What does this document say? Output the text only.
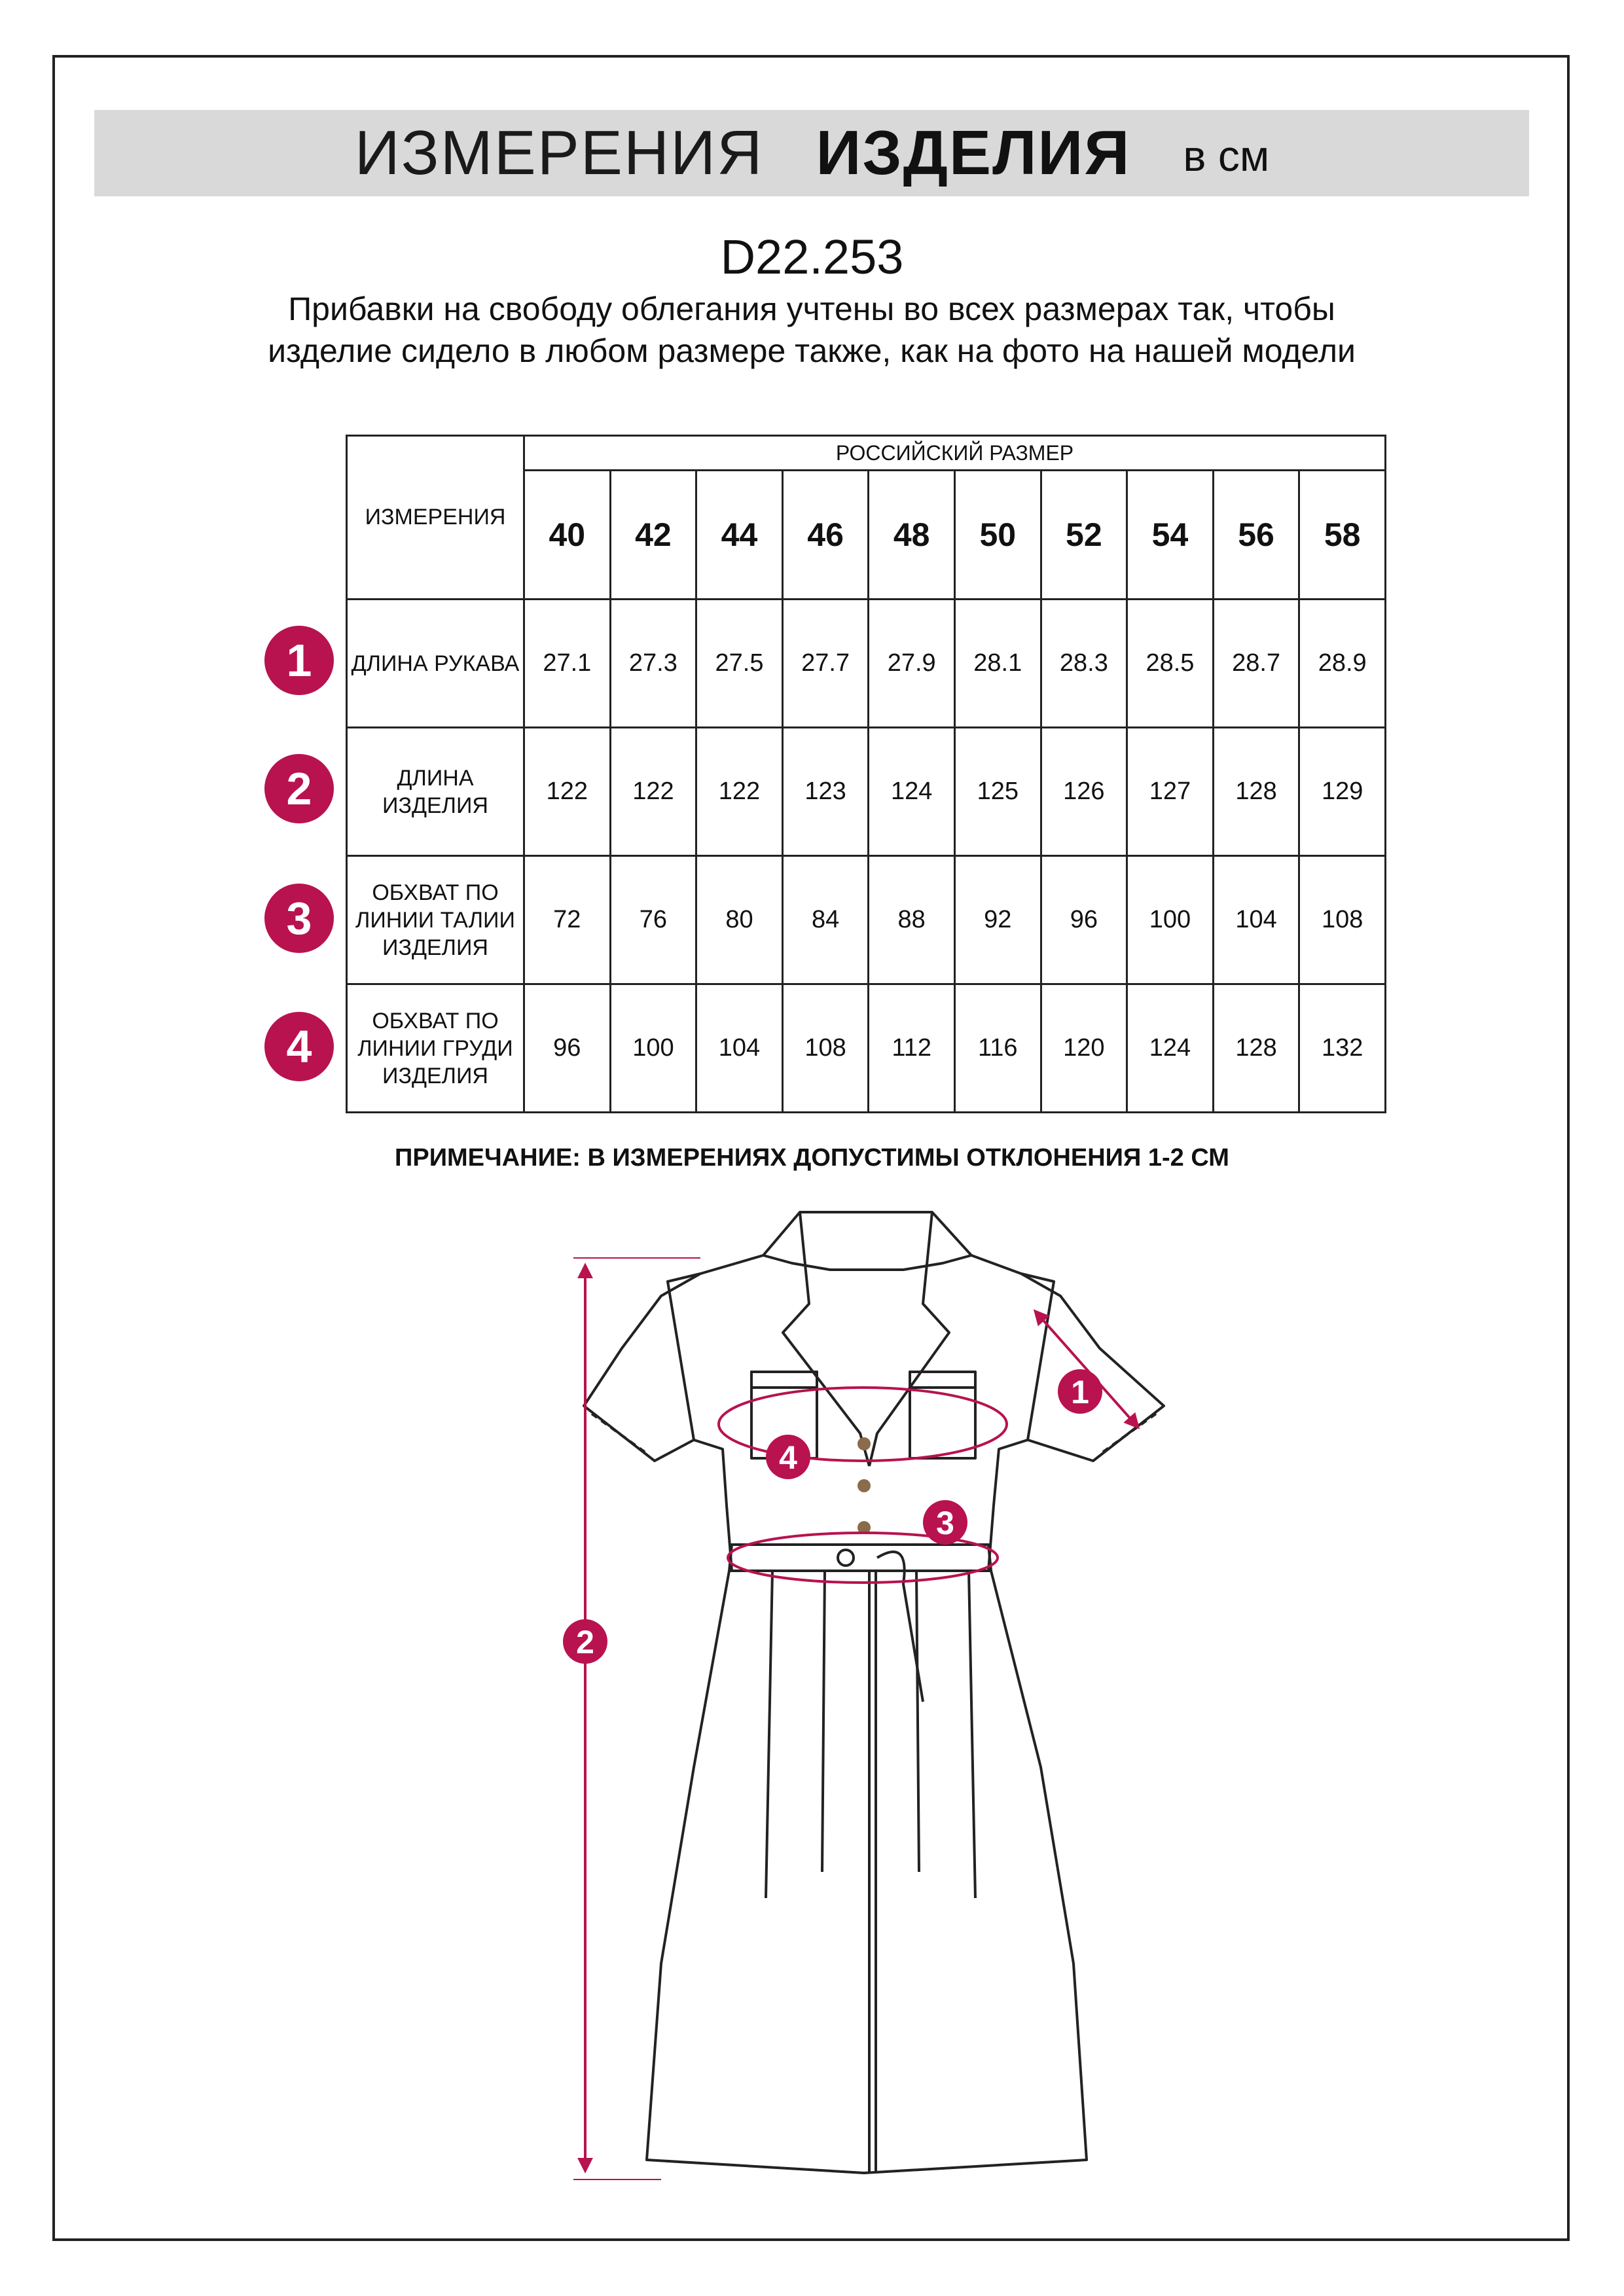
ИЗМЕРЕНИЯ ИЗДЕЛИЯ в см
D22.253
Прибавки на свободу облегания учтены во всех размерах так, чтобы изделие сидело в любом размере также, как на фото на нашей модели
ИЗМЕРЕНИЯ	РОССИЙСКИЙ РАЗМЕР									
	40	42	44	46	48	50	52	54	56	58
ДЛИНА РУКАВА	27.1	27.3	27.5	27.7	27.9	28.1	28.3	28.5	28.7	28.9
ДЛИНА ИЗДЕЛИЯ	122	122	122	123	124	125	126	127	128	129
ОБХВАТ ПО ЛИНИИ ТАЛИИ ИЗДЕЛИЯ	72	76	80	84	88	92	96	100	104	108
ОБХВАТ ПО ЛИНИИ ГРУДИ ИЗДЕЛИЯ	96	100	104	108	112	116	120	124	128	132
1
2
3
4
ПРИМЕЧАНИЕ: В ИЗМЕРЕНИЯХ ДОПУСТИМЫ ОТКЛОНЕНИЯ 1-2 СМ
1
2
3
4
